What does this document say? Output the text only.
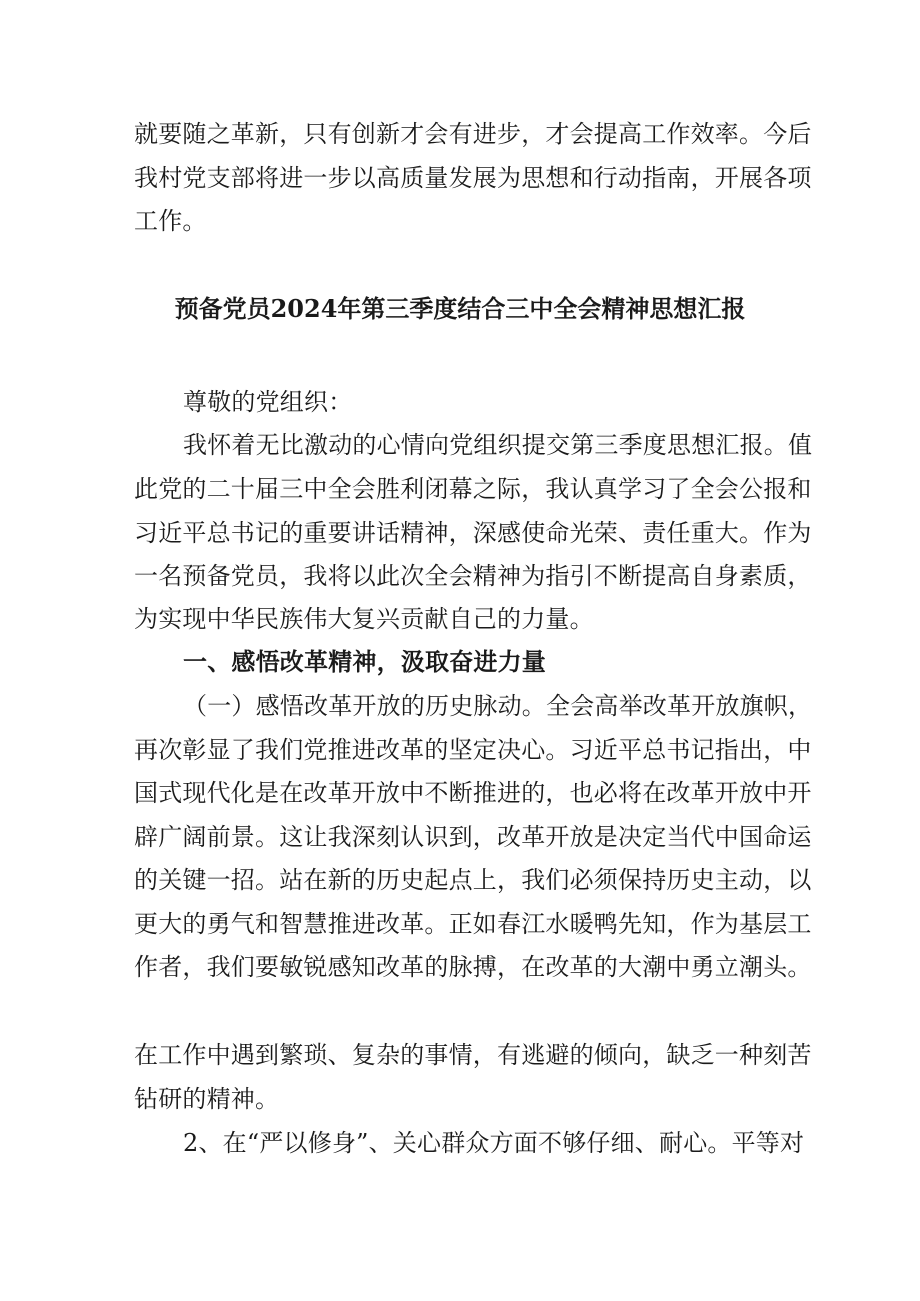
就要随之革新，只有创新才会有进步，才会提高工作效率。今后
我村党支部将进一步以高质量发展为思想和行动指南，开展各项
工作。
预备党员2024年第三季度结合三中全会精神思想汇报
尊敬的党组织：
我怀着无比激动的心情向党组织提交第三季度思想汇报。值
此党的二十届三中全会胜利闭幕之际，我认真学习了全会公报和
习近平总书记的重要讲话精神，深感使命光荣、责任重大。作为
一名预备党员，我将以此次全会精神为指引不断提高自身素质，
为实现中华民族伟大复兴贡献自己的力量。
一、感悟改革精神，汲取奋进力量
（一）感悟改革开放的历史脉动。全会高举改革开放旗帜，
再次彰显了我们党推进改革的坚定决心。习近平总书记指出，中
国式现代化是在改革开放中不断推进的，也必将在改革开放中开
辟广阔前景。这让我深刻认识到，改革开放是决定当代中国命运
的关键一招。站在新的历史起点上，我们必须保持历史主动，以
更大的勇气和智慧推进改革。正如春江水暖鸭先知，作为基层工
作者，我们要敏锐感知改革的脉搏，在改革的大潮中勇立潮头。
在工作中遇到繁琐、复杂的事情，有逃避的倾向，缺乏一种刻苦
钻研的精神。
2、在“严以修身”、关心群众方面不够仔细、耐心。平等对
